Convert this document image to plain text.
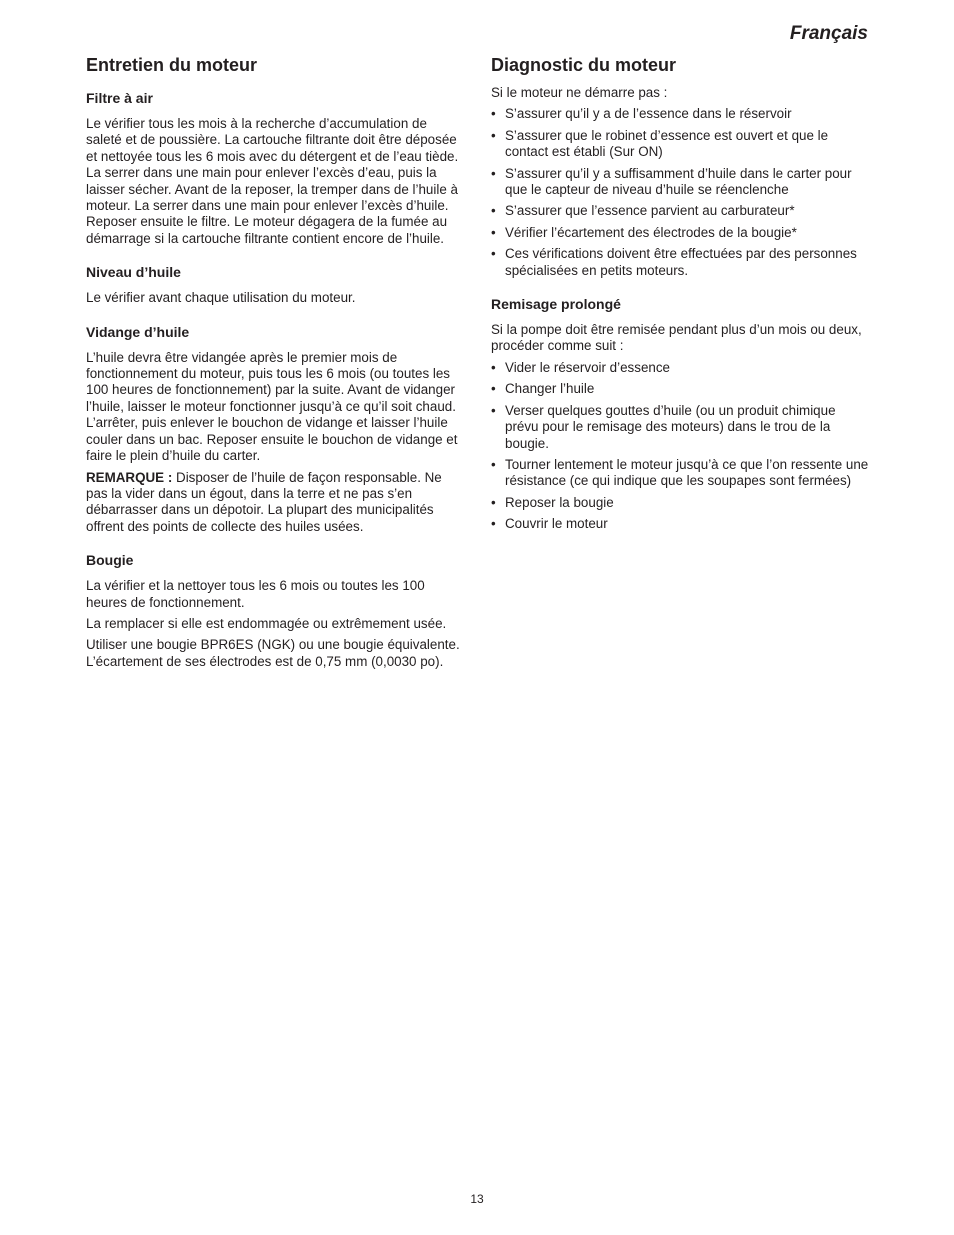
Français

Entretien du moteur
Filtre à air

Le vérifier tous les mois à la recherche d’accumulation de saleté et de poussière. La cartouche filtrante doit être déposée et nettoyée tous les 6 mois avec du détergent et de l’eau tiède. La serrer dans une main pour enlever l’excès d’eau, puis la laisser sécher. Avant de la reposer, la tremper dans de l’huile à moteur. La serrer dans une main pour enlever l’excès d’huile. Reposer ensuite le filtre. Le moteur dégagera de la fumée au démarrage si la cartouche filtrante contient encore de l’huile.

Niveau d’huile

Le vérifier avant chaque utilisation du moteur.

Vidange d’huile

L’huile devra être vidangée après le premier mois de fonctionnement du moteur, puis tous les 6 mois (ou toutes les 100 heures de fonctionnement) par la suite. Avant de vidanger l’huile, laisser le moteur fonctionner jusqu’à ce qu’il soit chaud. L’arrêter, puis enlever le bouchon de vidange et laisser l’huile couler dans un bac. Reposer ensuite le bouchon de vidange et faire le plein d’huile du carter.

REMARQUE : Disposer de l’huile de façon responsable. Ne pas la vider dans un égout, dans la terre et ne pas s’en débarrasser dans un dépotoir. La plupart des municipalités offrent des points de collecte des huiles usées.

Bougie

La vérifier et la nettoyer tous les 6 mois ou toutes les 100 heures de fonctionnement.

La remplacer si elle est endommagée ou extrêmement usée.

Utiliser une bougie BPR6ES (NGK) ou une bougie équivalente. L’écartement de ses électrodes est de 0,75 mm (0,0030 po).

Diagnostic du moteur

Si le moteur ne démarre pas :

• S’assurer qu’il y a de l’essence dans le réservoir
• S’assurer que le robinet d’essence est ouvert et que le contact est établi (Sur ON)
• S’assurer qu’il y a suffisamment d’huile dans le carter pour que le capteur de niveau d’huile se réenclenche
• S’assurer que l’essence parvient au carburateur*
• Vérifier l’écartement des électrodes de la bougie*
• Ces vérifications doivent être effectuées par des personnes spécialisées en petits moteurs.
Remisage prolongé

Si la pompe doit être remisée pendant plus d’un mois ou deux, procéder comme suit :

• Vider le réservoir d’essence
• Changer l’huile
• Verser quelques gouttes d’huile (ou un produit chimique prévu pour le remisage des moteurs) dans le trou de la bougie.
• Tourner lentement le moteur jusqu’à ce que l’on ressente une résistance (ce qui indique que les soupapes sont fermées)
• Reposer la bougie
• Couvrir le moteur

13
